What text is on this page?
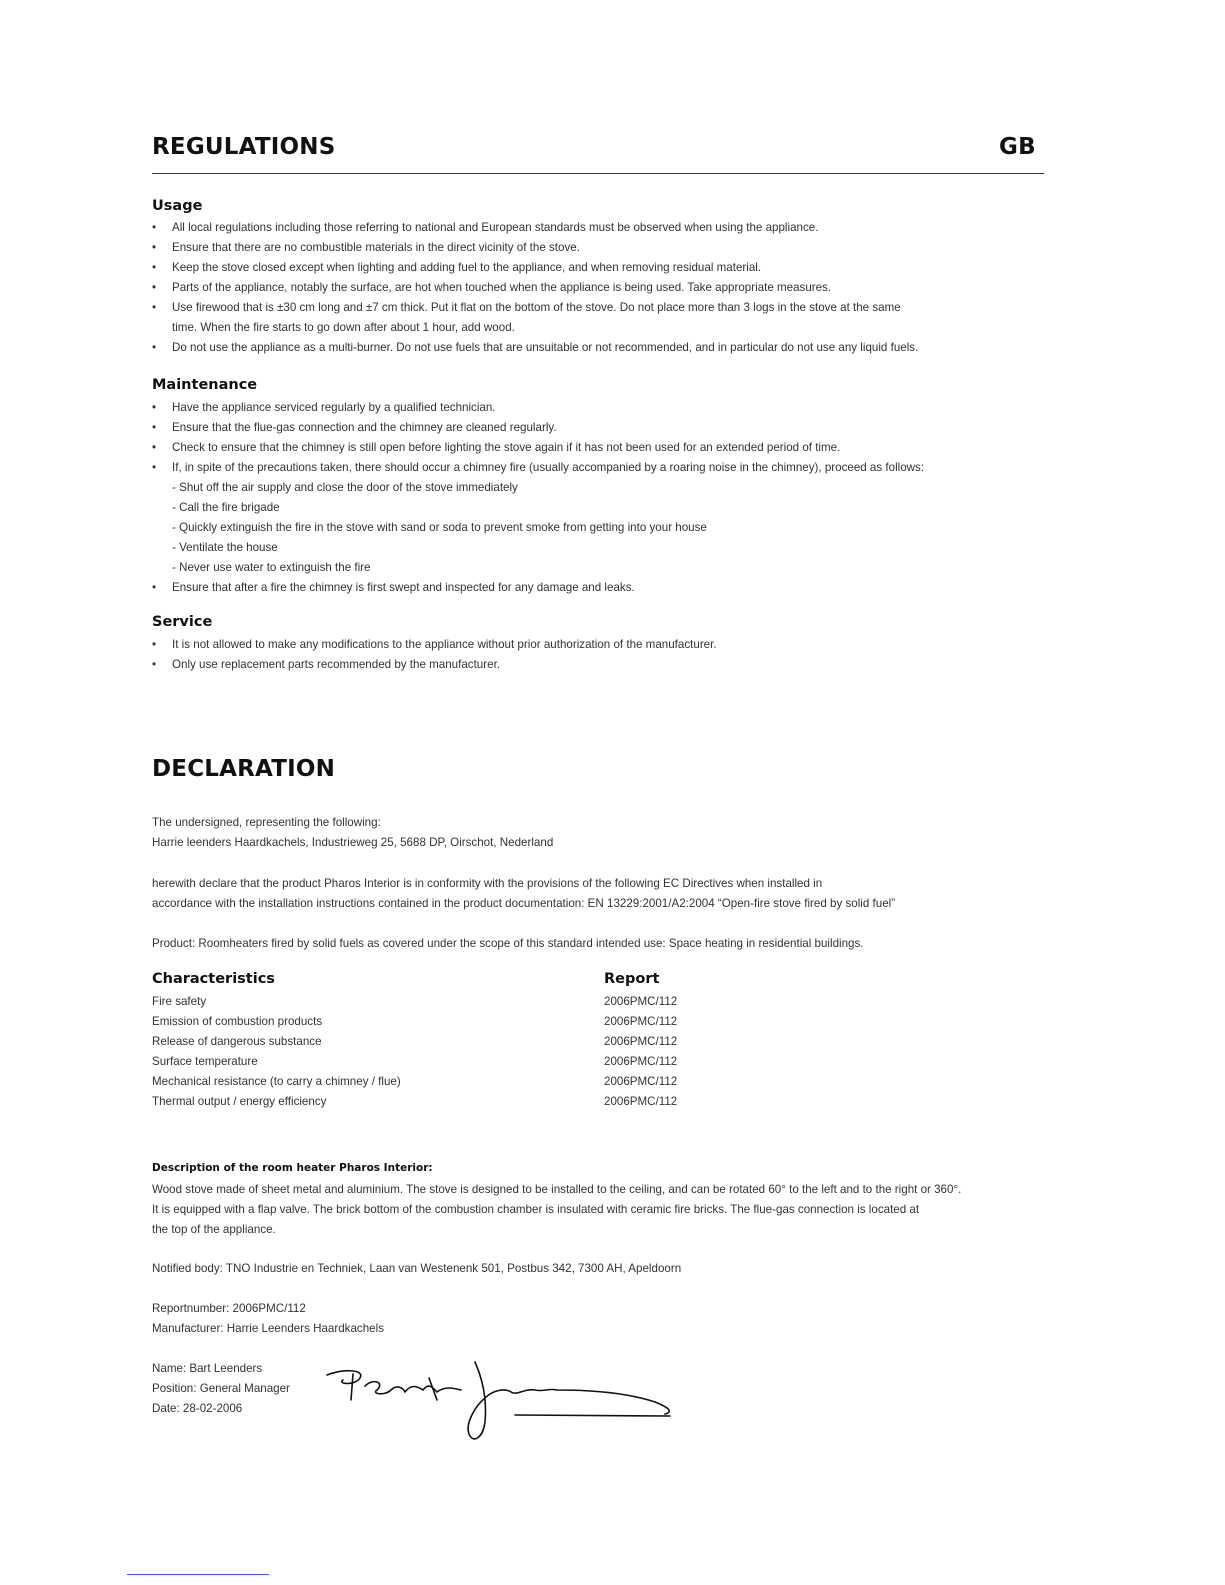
REGULATIONS	GB
Usage
• All local regulations including those referring to national and European standards must be observed when using the appliance.
• Ensure that there are no combustible materials in the direct vicinity of the stove.
• Keep the stove closed except when lighting and adding fuel to the appliance, and when removing residual material.
• Parts of the appliance, notably the surface, are hot when touched when the appliance is being used. Take appropriate measures.
• Use firewood that is ±30 cm long and ±7 cm thick. Put it flat on the bottom of the stove. Do not place more than 3 logs in the stove at the same time. When the fire starts to go down after about 1 hour, add wood.
• Do not use the appliance as a multi-burner. Do not use fuels that are unsuitable or not recommended, and in particular do not use any liquid fuels.
Maintenance
• Have the appliance serviced regularly by a qualified technician.
• Ensure that the flue-gas connection and the chimney are cleaned regularly.
• Check to ensure that the chimney is still open before lighting the stove again if it has not been used for an extended period of time.
• If, in spite of the precautions taken, there should occur a chimney fire (usually accompanied by a roaring noise in the chimney), proceed as follows:
- Shut off the air supply and close the door of the stove immediately
- Call the fire brigade
- Quickly extinguish the fire in the stove with sand or soda to prevent smoke from getting into your house
- Ventilate the house
- Never use water to extinguish the fire
• Ensure that after a fire the chimney is first swept and inspected for any damage and leaks.
Service
• It is not allowed to make any modifications to the appliance without prior authorization of the manufacturer.
• Only use replacement parts recommended by the manufacturer.
DECLARATION
The undersigned, representing the following:
Harrie leenders Haardkachels, Industrieweg 25, 5688 DP, Oirschot, Nederland
herewith declare that the product Pharos Interior is in conformity with the provisions of the following EC Directives when installed in
accordance with the installation instructions contained in the product documentation: EN 13229:2001/A2:2004 “Open-fire stove fired by solid fuel”
Product: Roomheaters fired by solid fuels as covered under the scope of this standard intended use: Space heating in residential buildings.
Characteristics	Report
Fire safety	2006PMC/112
Emission of combustion products	2006PMC/112
Release of dangerous substance	2006PMC/112
Surface temperature	2006PMC/112
Mechanical resistance (to carry a chimney / flue)	2006PMC/112
Thermal output / energy efficiency	2006PMC/112
Description of the room heater Pharos Interior:
Wood stove made of sheet metal and aluminium. The stove is designed to be installed to the ceiling, and can be rotated 60° to the left and to the right or 360°.
It is equipped with a flap valve. The brick bottom of the combustion chamber is insulated with ceramic fire bricks. The flue-gas connection is located at
the top of the appliance.
Notified body: TNO Industrie en Techniek, Laan van Westenenk 501, Postbus 342, 7300 AH, Apeldoorn
Reportnumber: 2006PMC/112
Manufacturer: Harrie Leenders Haardkachels
Name: Bart Leenders
Position: General Manager
Date: 28-02-2006
